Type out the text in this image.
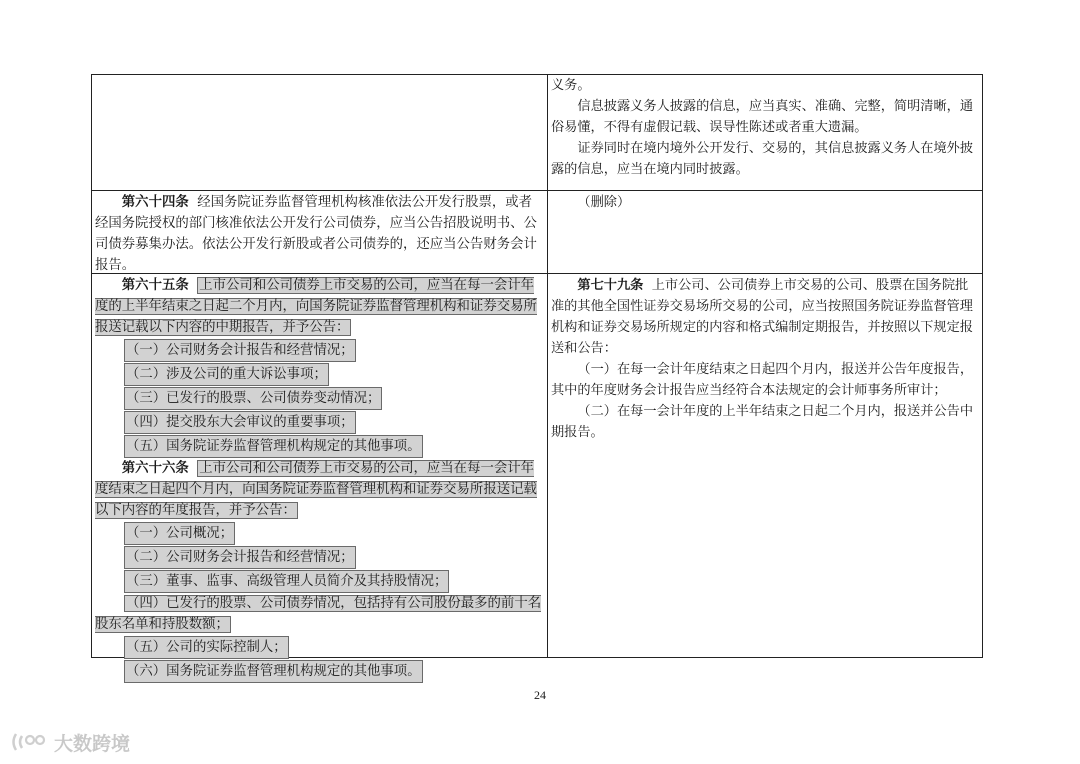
义务。

信息披露义务人披露的信息，应当真实、准确、完整，简明清晰，通俗易懂，不得有虚假记载、误导性陈述或者重大遗漏。

证券同时在境内境外公开发行、交易的，其信息披露义务人在境外披露的信息，应当在境内同时披露。

第六十四条 经国务院证券监督管理机构核准依法公开发行股票，或者经国务院授权的部门核准依法公开发行公司债券，应当公告招股说明书、公司债券募集办法。依法公开发行新股或者公司债券的，还应当公告财务会计报告。

（删除）

第六十五条 上市公司和公司债券上市交易的公司，应当在每一会计年度的上半年结束之日起二个月内，向国务院证券监督管理机构和证券交易所报送记载以下内容的中期报告，并予公告：

（一）公司财务会计报告和经营情况；
（二）涉及公司的重大诉讼事项；
（三）已发行的股票、公司债券变动情况；
（四）提交股东大会审议的重要事项；
（五）国务院证券监督管理机构规定的其他事项。

第六十六条 上市公司和公司债券上市交易的公司，应当在每一会计年度结束之日起四个月内，向国务院证券监督管理机构和证券交易所报送记载以下内容的年度报告，并予公告：

（一）公司概况；
（二）公司财务会计报告和经营情况；
（三）董事、监事、高级管理人员简介及其持股情况；
（四）已发行的股票、公司债券情况，包括持有公司股份最多的前十名股东名单和持股数额；
（五）公司的实际控制人；
（六）国务院证券监督管理机构规定的其他事项。

第七十九条 上市公司、公司债券上市交易的公司、股票在国务院批准的其他全国性证券交易场所交易的公司，应当按照国务院证券监督管理机构和证券交易场所规定的内容和格式编制定期报告，并按照以下规定报送和公告：

（一）在每一会计年度结束之日起四个月内，报送并公告年度报告，其中的年度财务会计报告应当经符合本法规定的会计师事务所审计；

（二）在每一会计年度的上半年结束之日起二个月内，报送并公告中期报告。

24
大数跨境
